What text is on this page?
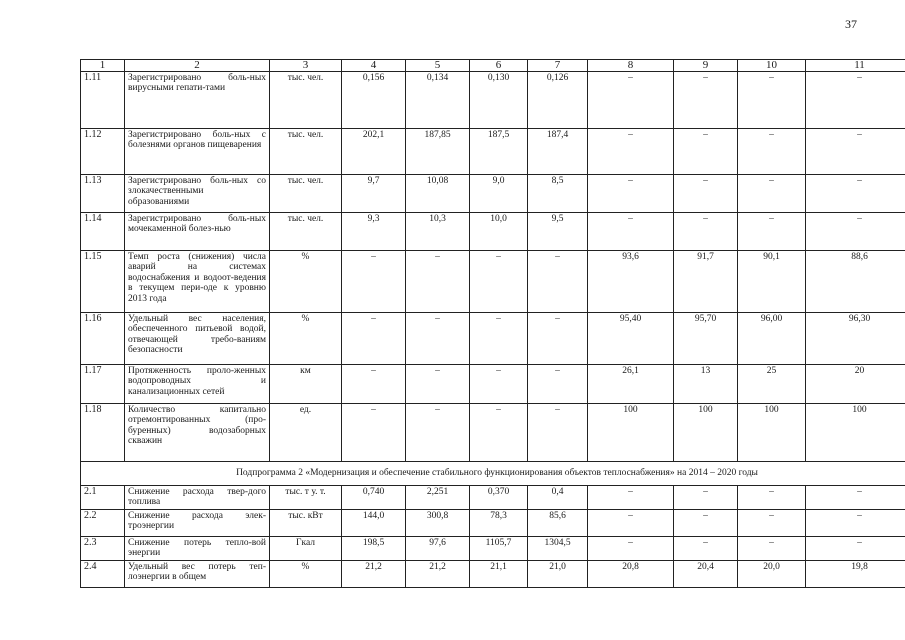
37
1	2	3	4	5	6	7	8	9	10	11
1.11	Зарегистрировано боль-ных вирусными гепати-тами	тыс. чел.	0,156	0,134	0,130	0,126	–	–	–	–
1.12	Зарегистрировано боль-ных с болезнями органов пищеварения	тыс. чел.	202,1	187,85	187,5	187,4	–	–	–	–
1.13	Зарегистрировано боль-ных со злокачественными образованиями	тыс. чел.	9,7	10,08	9,0	8,5	–	–	–	–
1.14	Зарегистрировано боль-ных мочекаменной болез-нью	тыс. чел.	9,3	10,3	10,0	9,5	–	–	–	–
1.15	Темп роста (снижения) числа аварий на системах водоснабжения и водоот-ведения в текущем пери-оде к уровню 2013 года	%	–	–	–	–	93,6	91,7	90,1	88,6
1.16	Удельный вес населения, обеспеченного питьевой водой, отвечающей требо-ваниям безопасности	%	–	–	–	–	95,40	95,70	96,00	96,30
1.17	Протяженность проло-женных водопроводных и канализационных сетей	км	–	–	–	–	26,1	13	25	20
1.18	Количество капитально отремонтированных (про-буренных) водозаборных скважин	ед.	–	–	–	–	100	100	100	100
Подпрограмма 2 «Модернизация и обеспечение стабильного функционирования объектов теплоснабжения» на 2014 – 2020 годы										
2.1	Снижение расхода твер-дого топлива	тыс. т у. т.	0,740	2,251	0,370	0,4	–	–	–	–
2.2	Снижение расхода элек-троэнергии	тыс. кВт	144,0	300,8	78,3	85,6	–	–	–	–
2.3	Снижение потерь тепло-вой энергии	Гкал	198,5	97,6	1105,7	1304,5	–	–	–	–
2.4	Удельный вес потерь теп-лоэнергии в общем	%	21,2	21,2	21,1	21,0	20,8	20,4	20,0	19,8
